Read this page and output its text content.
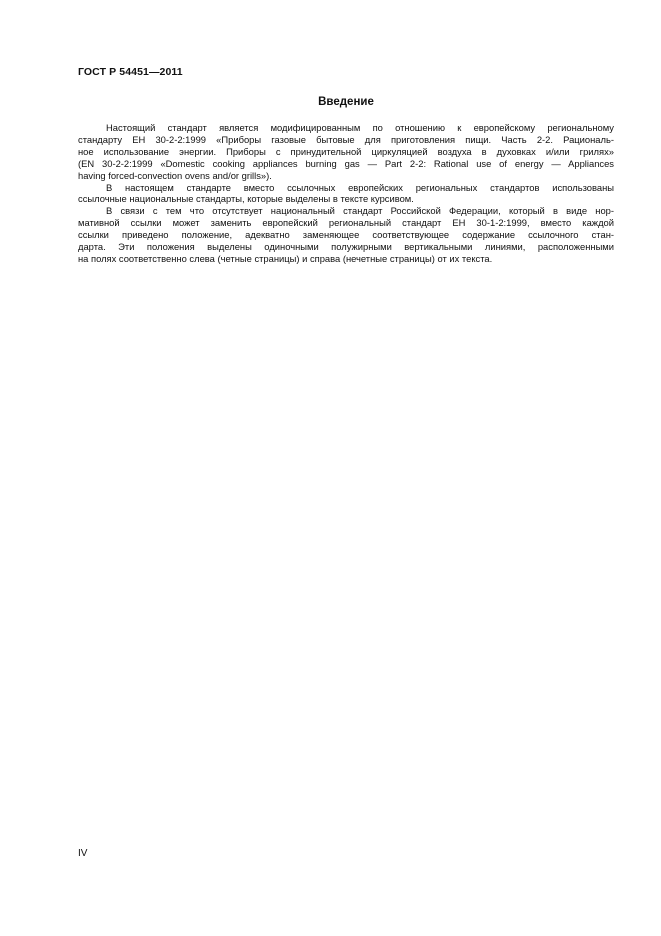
ГОСТ Р 54451—2011
Введение
Настоящий стандарт является модифицированным по отношению к европейскому региональному
стандарту ЕН 30-2-2:1999 «Приборы газовые бытовые для приготовления пищи. Часть 2-2. Рациональ-
ное использование энергии. Приборы с принудительной циркуляцией воздуха в духовках и/или грилях»
(EN 30-2-2:1999 «Domestic cooking appliances burning gas — Part 2-2: Rational use of energy — Appliances
having forced-convection ovens and/or grills»).
В настоящем стандарте вместо ссылочных европейских региональных стандартов использованы
ссылочные национальные стандарты, которые выделены в тексте курсивом.
В связи с тем что отсутствует национальный стандарт Российской Федерации, который в виде нор-
мативной ссылки может заменить европейский региональный стандарт ЕН 30-1-2:1999, вместо каждой
ссылки приведено положение, адекватно заменяющее соответствующее содержание ссылочного стан-
дарта. Эти положения выделены одиночными полужирными вертикальными линиями, расположенными
на полях соответственно слева (четные страницы) и справа (нечетные страницы) от их текста.
IV
